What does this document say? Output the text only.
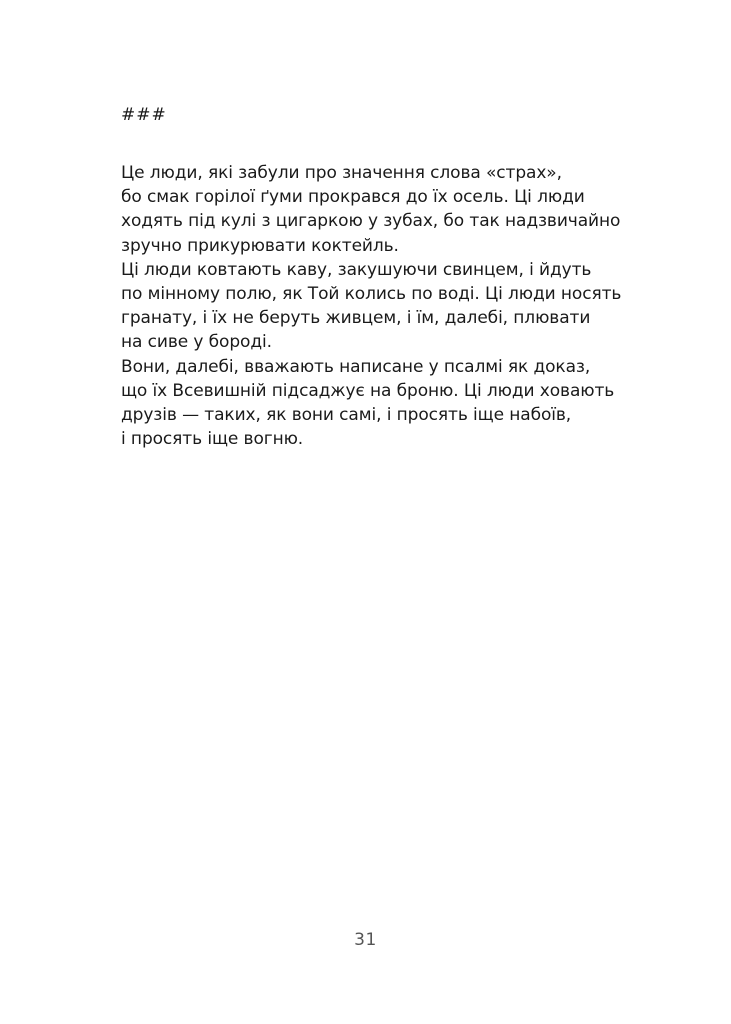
###
Це люди, які забули про значення слова «страх»,
бо смак горілої ґуми прокрався до їх осель. Ці люди
ходять під кулі з цигаркою у зубах, бо так надзвичайно
зручно прикурювати коктейль.
Ці люди ковтають каву, закушуючи свинцем, і йдуть
по мінному полю, як Той колись по воді. Ці люди носять
гранату, і їх не беруть живцем, і їм, далебі, плювати
на сиве у бороді.
Вони, далебі, вважають написане у псалмі як доказ,
що їх Всевишній підсаджує на броню. Ці люди ховають
друзів — таких, як вони самі, і просять іще набоїв,
і просять іще вогню.
31
